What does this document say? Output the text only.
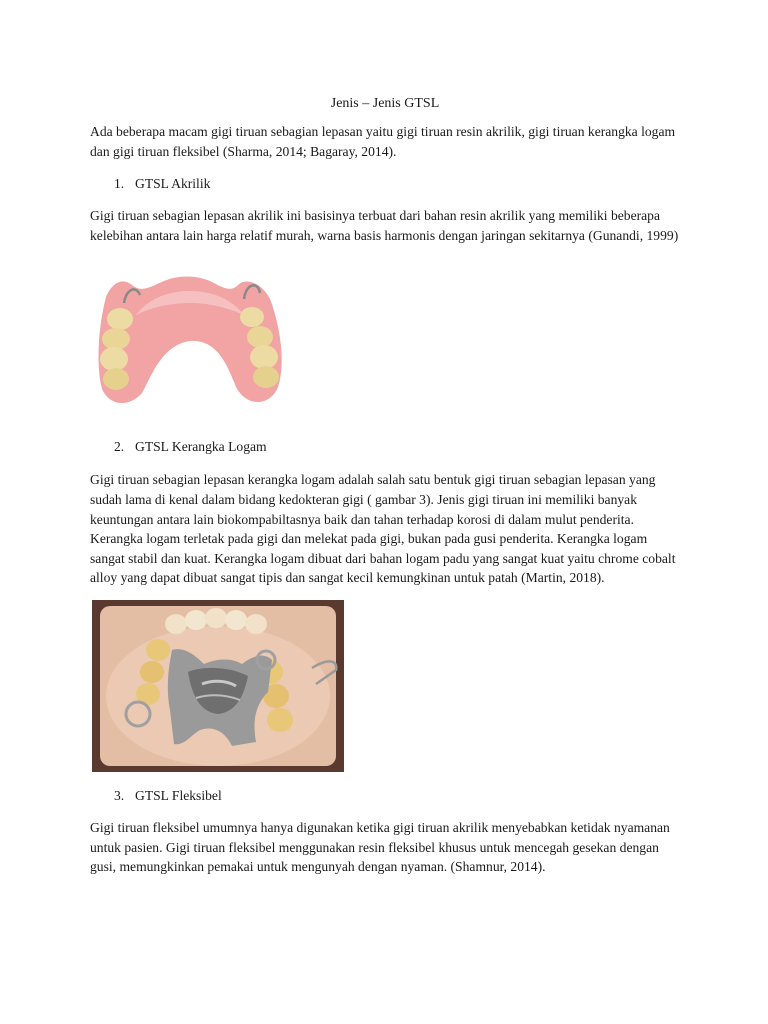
Jenis – Jenis GTSL

Ada beberapa macam gigi tiruan sebagian lepasan yaitu gigi tiruan resin akrilik, gigi tiruan kerangka logam dan gigi tiruan fleksibel (Sharma, 2014; Bagaray, 2014).

1. GTSL Akrilik

Gigi tiruan sebagian lepasan akrilik ini basisinya terbuat dari bahan resin akrilik yang memiliki beberapa kelebihan antara lain harga relatif murah, warna basis harmonis dengan jaringan sekitarnya (Gunandi, 1999)

2. GTSL Kerangka Logam

Gigi tiruan sebagian lepasan kerangka logam adalah salah satu bentuk gigi tiruan sebagian lepasan yang sudah lama di kenal dalam bidang kedokteran gigi ( gambar 3). Jenis gigi tiruan ini memiliki banyak keuntungan antara lain biokompabiltasnya baik dan tahan terhadap korosi di dalam mulut penderita. Kerangka logam terletak pada gigi dan melekat pada gigi, bukan pada gusi penderita. Kerangka logam sangat stabil dan kuat. Kerangka logam dibuat dari bahan logam padu yang sangat kuat yaitu chrome cobalt alloy yang dapat dibuat sangat tipis dan sangat kecil kemungkinan untuk patah (Martin, 2018).

3. GTSL Fleksibel

Gigi tiruan fleksibel umumnya hanya digunakan ketika gigi tiruan akrilik menyebabkan ketidak nyamanan untuk pasien. Gigi tiruan fleksibel menggunakan resin fleksibel khusus untuk mencegah gesekan dengan gusi, memungkinkan pemakai untuk mengunyah dengan nyaman. (Shamnur, 2014).
